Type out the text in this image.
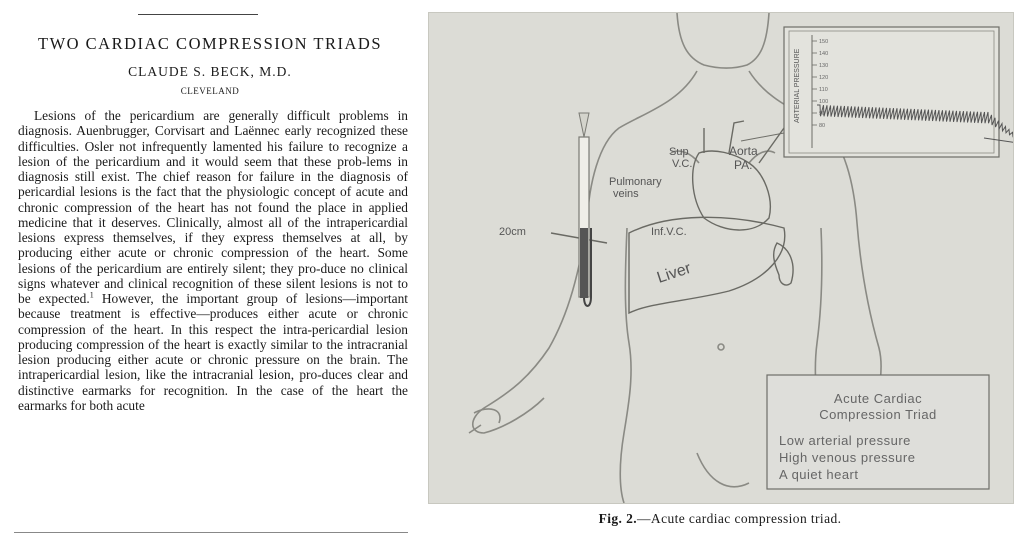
TWO CARDIAC COMPRESSION TRIADS
CLAUDE S. BECK, M.D.
CLEVELAND

Lesions of the pericardium are generally difficult problems in diagnosis. Auenbrugger, Corvisart and Laënnec early recognized these difficulties. Osler not infrequently lamented his failure to recognize a lesion of the pericardium and it would seem that these prob-lems in diagnosis still exist. The chief reason for failure in the diagnosis of pericardial lesions is the fact that the physiologic concept of acute and chronic compression of the heart has not found the place in applied medicine that it deserves. Clinically, almost all of the intrapericardial lesions express themselves, if they express themselves at all, by producing either acute or chronic compression of the heart. Some lesions of the pericardium are entirely silent; they pro-duce no clinical signs whatever and clinical recognition of these silent lesions is not to be expected.$^1$ However, the important group of lesions—important because treatment is effective—produces either acute or chronic compression of the heart. In this respect the intra-pericardial lesion producing compression of the heart is exactly similar to the intracranial lesion producing either acute or chronic pressure on the brain. The intrapericardial lesion, like the intracranial lesion, pro-duces clear and distinctive earmarks for recognition. In the case of the heart the earmarks for both acute

Sup
V.C.
Aorta
PA.
Pulmonary
veins
Inf.V.C.
Liver
20cm
ARTERIAL PRESSURE
150
140
130
120
110
100
90
80
Acute Cardiac
Compression Triad
Low arterial pressure
High venous pressure
A quiet heart
Fig. 2.—Acute cardiac compression triad.
